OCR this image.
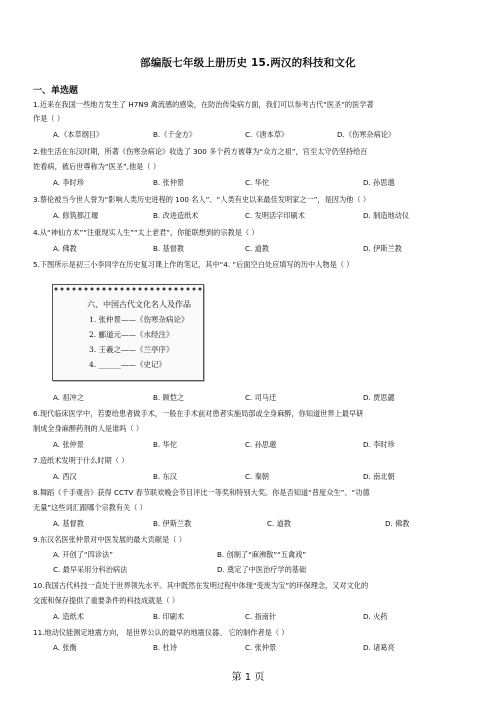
部编版七年级上册历史 15.两汉的科技和文化
一、单选题
1.近来在我国一些地方发生了 H7N9 禽流感的感染，在防治传染病方面，我们可以参考古代“医圣”的医学著
作是（ ）
A.《本草纲目》	B.《千金方》	C.《唐本草》	D.《伤寒杂病论》
2.他生活在东汉时期，所著《伤寒杂病论》收选了 300 多个药方被尊为“众方之祖”，官至太守仍坚持给百
姓看病，被后世尊称为“医圣”,他是（ ）
A. 李时珍	B. 张仲景	C. 华佗	D. 孙思邈
3.蔡伦被当今世人誉为“影响人类历史进程的 100 名人”、“人类有史以来最佳发明家之一”，是因为他（ ）
A. 修筑都江堰	B. 改进造纸术	C. 发明活字印刷术	D. 制造地动仪
4.从“神仙方术”“注重现实人生”“太上老君”，你能联想到的宗教是（ ）
A. 佛教	B. 基督教	C. 道教	D. 伊斯兰教
5.下图所示是初三小李同学在历史复习课上作的笔记，其中“4. ”后面空白处应填写的历中人物是（ ）
六、中国古代文化名人及作品
1. 张仲景——《伤寒杂病论》
2. 郦道元——《水经注》
3. 王羲之——《兰亭序》
4. ______——《史记》
A. 祖冲之	B. 顾恺之	C. 司马迁	D. 贾思勰
6.现代临床医学中，若要给患者做手术，一般在手术前对患者实施局部或全身麻醉，你知道世界上最早研
制成全身麻醉药剂的人是谁吗（ ）
A. 张仲景	B. 华佗	C. 孙思邈	D. 李时珍
7.造纸术发明于什么时期（ ）
A. 西汉	B. 东汉	C. 秦朝	D. 南北朝
8.舞蹈《千手观音》获得 CCTV 春节联欢晚会节目评比一等奖和特别大奖。你是否知道“普度众生”、“功德
无量”这些词汇跟哪个宗教有关（ ）
A. 基督教	B. 伊斯兰教	C. 道教	D. 佛教
9.东汉名医张仲景对中医发展的最大贡献是（ ）
A. 开创了“四诊法”	B. 创制了“麻沸散”“五禽戏”
C. 最早采用分科治病法	D. 奠定了中医治疗学的基础
10.我国古代科技一直处于世界领先水平。其中既然在发明过程中体现“变废为宝”的环保理念，又对文化的
交流和保存提供了重要条件的科技成就是（ ）
A. 造纸术	B. 印刷术	C. 指南针	D. 火药
11.地动仪能测定地震方向， 是世界公认的最早的地震仪器。 它的制作者是（ ）
A. 张衡	B. 杜诗	C. 张仲景	D. 诸葛亮
第 1 页
